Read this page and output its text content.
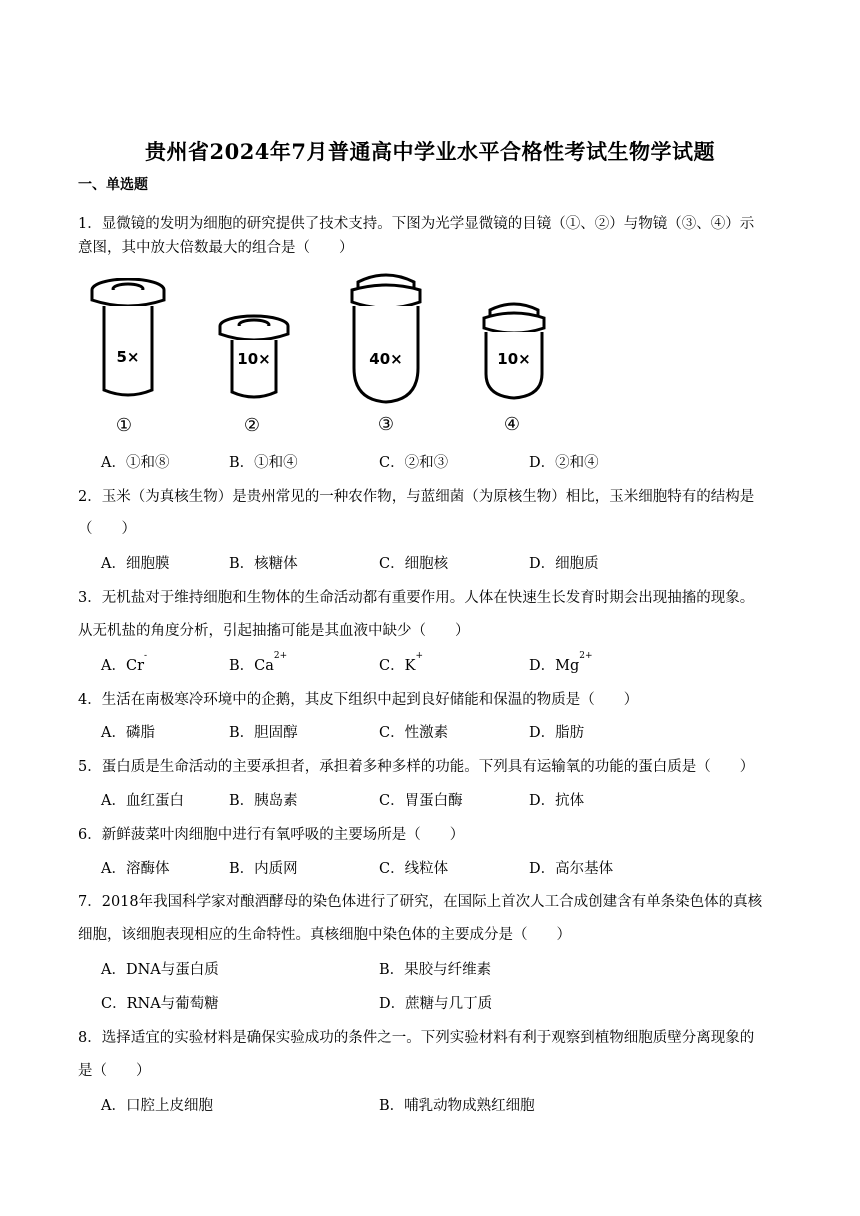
贵州省2024年7月普通高中学业水平合格性考试生物学试题
一、单选题
1．显微镜的发明为细胞的研究提供了技术支持。下图为光学显微镜的目镜（①、②）与物镜（③、④）示
意图，其中放大倍数最大的组合是（　　）
5×
①
10×
②
40×
③
10×
④
A．①和⑧	B．①和④	C．②和③	D．②和④
2．玉米（为真核生物）是贵州常见的一种农作物，与蓝细菌（为原核生物）相比，玉米细胞特有的结构是
（　　）
A．细胞膜	B．核糖体	C．细胞核	D．细胞质
3．无机盐对于维持细胞和生物体的生命活动都有重要作用。人体在快速生长发育时期会出现抽搐的现象。
从无机盐的角度分析，引起抽搐可能是其血液中缺少（　　）
A．Cr-
B．$Ca^{2+}$
C．K+
D．$Mg^{2+}$
4．生活在南极寒冷环境中的企鹅，其皮下组织中起到良好储能和保温的物质是（　　）
A．磷脂	B．胆固醇	C．性激素	D．脂肪
5．蛋白质是生命活动的主要承担者，承担着多种多样的功能。下列具有运输氧的功能的蛋白质是（　　）
A．血红蛋白	B．胰岛素	C．胃蛋白酶	D．抗体
6．新鲜菠菜叶肉细胞中进行有氧呼吸的主要场所是（　　）
A．溶酶体	B．内质网	C．线粒体	D．高尔基体
7．2018年我国科学家对酿酒酵母的染色体进行了研究，在国际上首次人工合成创建含有单条染色体的真核
细胞，该细胞表现相应的生命特性。真核细胞中染色体的主要成分是（　　）
A．DNA与蛋白质	B．果胶与纤维素
C．RNA与葡萄糖	D．蔗糖与几丁质
8．选择适宜的实验材料是确保实验成功的条件之一。下列实验材料有利于观察到植物细胞质壁分离现象的
是（　　）
A．口腔上皮细胞	B．哺乳动物成熟红细胞
